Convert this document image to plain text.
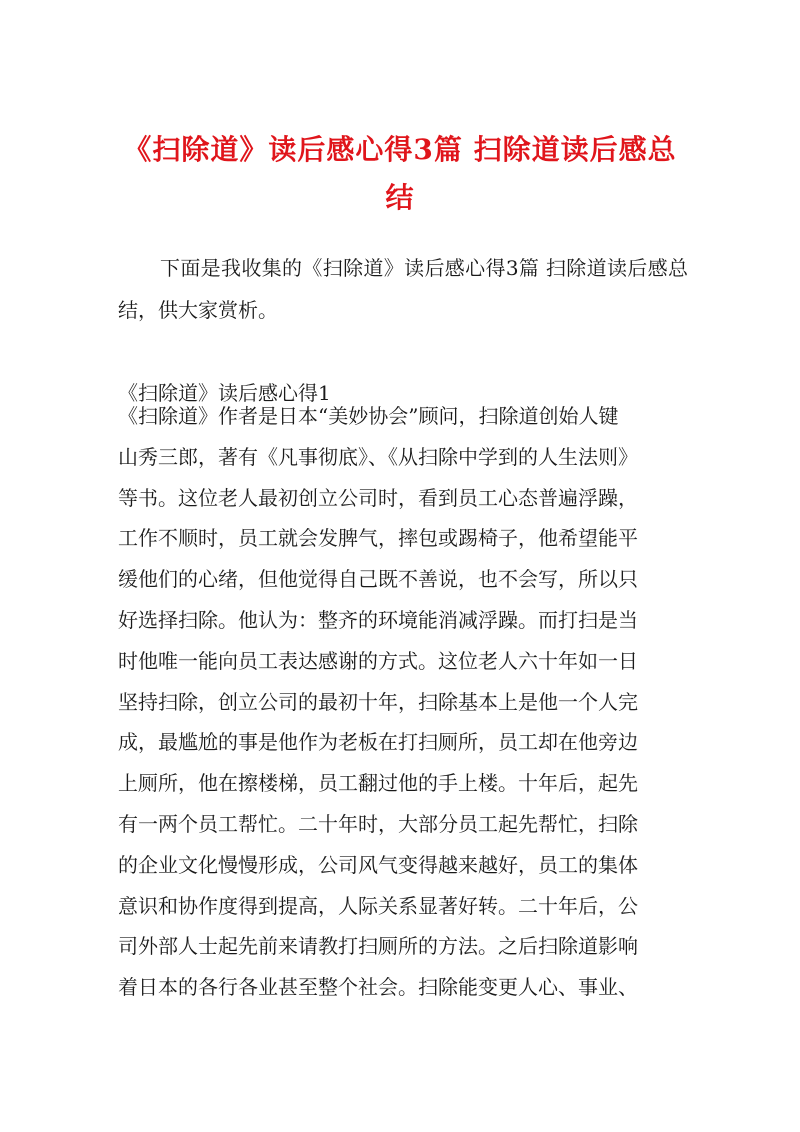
《扫除道》读后感心得3篇 扫除道读后感总结
下面是我收集的《扫除道》读后感心得3篇 扫除道读后感总结，供大家赏析。
《扫除道》读后感心得1
《扫除道》作者是日本“美妙协会”顾问，扫除道创始人键
山秀三郎，著有《凡事彻底》、《从扫除中学到的人生法则》
等书。这位老人最初创立公司时，看到员工心态普遍浮躁，
工作不顺时，员工就会发脾气，摔包或踢椅子，他希望能平
缓他们的心绪，但他觉得自己既不善说，也不会写，所以只
好选择扫除。他认为：整齐的环境能消减浮躁。而打扫是当
时他唯一能向员工表达感谢的方式。这位老人六十年如一日
坚持扫除，创立公司的最初十年，扫除基本上是他一个人完
成，最尴尬的事是他作为老板在打扫厕所，员工却在他旁边
上厕所，他在擦楼梯，员工翻过他的手上楼。十年后，起先
有一两个员工帮忙。二十年时，大部分员工起先帮忙，扫除
的企业文化慢慢形成，公司风气变得越来越好，员工的集体
意识和协作度得到提高，人际关系显著好转。二十年后，公
司外部人士起先前来请教打扫厕所的方法。之后扫除道影响
着日本的各行各业甚至整个社会。扫除能变更人心、事业、
